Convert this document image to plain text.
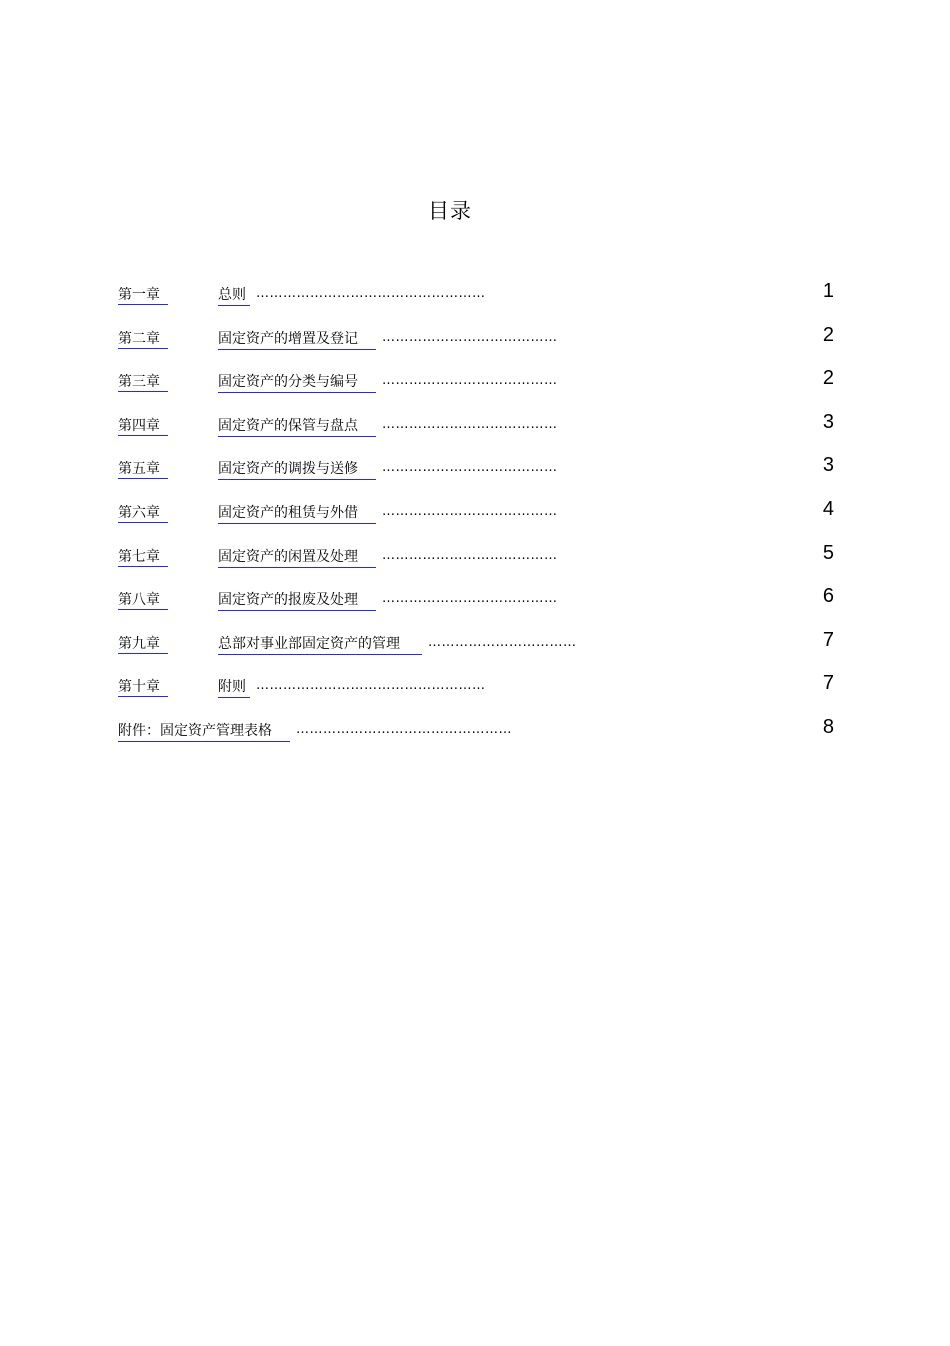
目录
第一章	总则 ……………………………………………	1
第二章	固定资产的增置及登记 …………………………………	2
第三章	固定资产的分类与编号 …………………………………	2
第四章	固定资产的保管与盘点 …………………………………	3
第五章	固定资产的调拨与送修 …………………………………	3
第六章	固定资产的租赁与外借 …………………………………	4
第七章	固定资产的闲置及处理 …………………………………	5
第八章	固定资产的报废及处理 …………………………………	6
第九章	总部对事业部固定资产的管理 ……………………………	7
第十章	附则 ……………………………………………	7
附件：固定资产管理表格 …………………………………………	8
